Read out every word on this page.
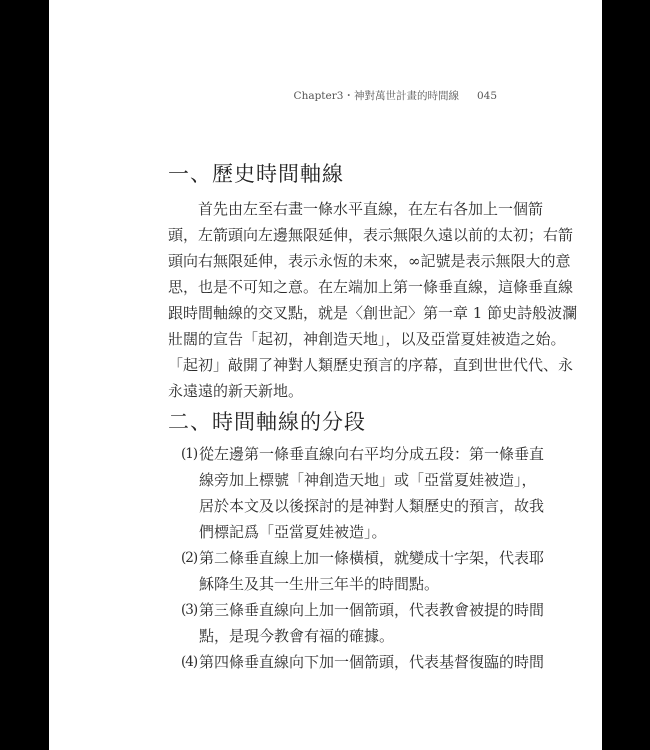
Chapter3・神對萬世計畫的時間線 045
一、歷史時間軸線

首先由左至右畫一條水平直線，在左右各加上一個箭
頭，左箭頭向左邊無限延伸，表示無限久遠以前的太初；右箭
頭向右無限延伸，表示永恆的未來，∞記號是表示無限大的意
思，也是不可知之意。在左端加上第一條垂直線，這條垂直線
跟時間軸線的交叉點，就是〈創世記〉第一章 1 節史詩般波瀾
壯闊的宣告「起初，神創造天地」，以及亞當夏娃被造之始。
「起初」敲開了神對人類歷史預言的序幕，直到世世代代、永
永遠遠的新天新地。

二、時間軸線的分段
(1) 從左邊第一條垂直線向右平均分成五段：第一條垂直
線旁加上標號「神創造天地」或「亞當夏娃被造」，
居於本文及以後探討的是神對人類歷史的預言，故我
們標記爲「亞當夏娃被造」。
(2) 第二條垂直線上加一條橫槓，就變成十字架，代表耶
穌降生及其一生卅三年半的時間點。
(3) 第三條垂直線向上加一個箭頭，代表教會被提的時間
點，是現今教會有福的確據。
(4) 第四條垂直線向下加一個箭頭，代表基督復臨的時間
